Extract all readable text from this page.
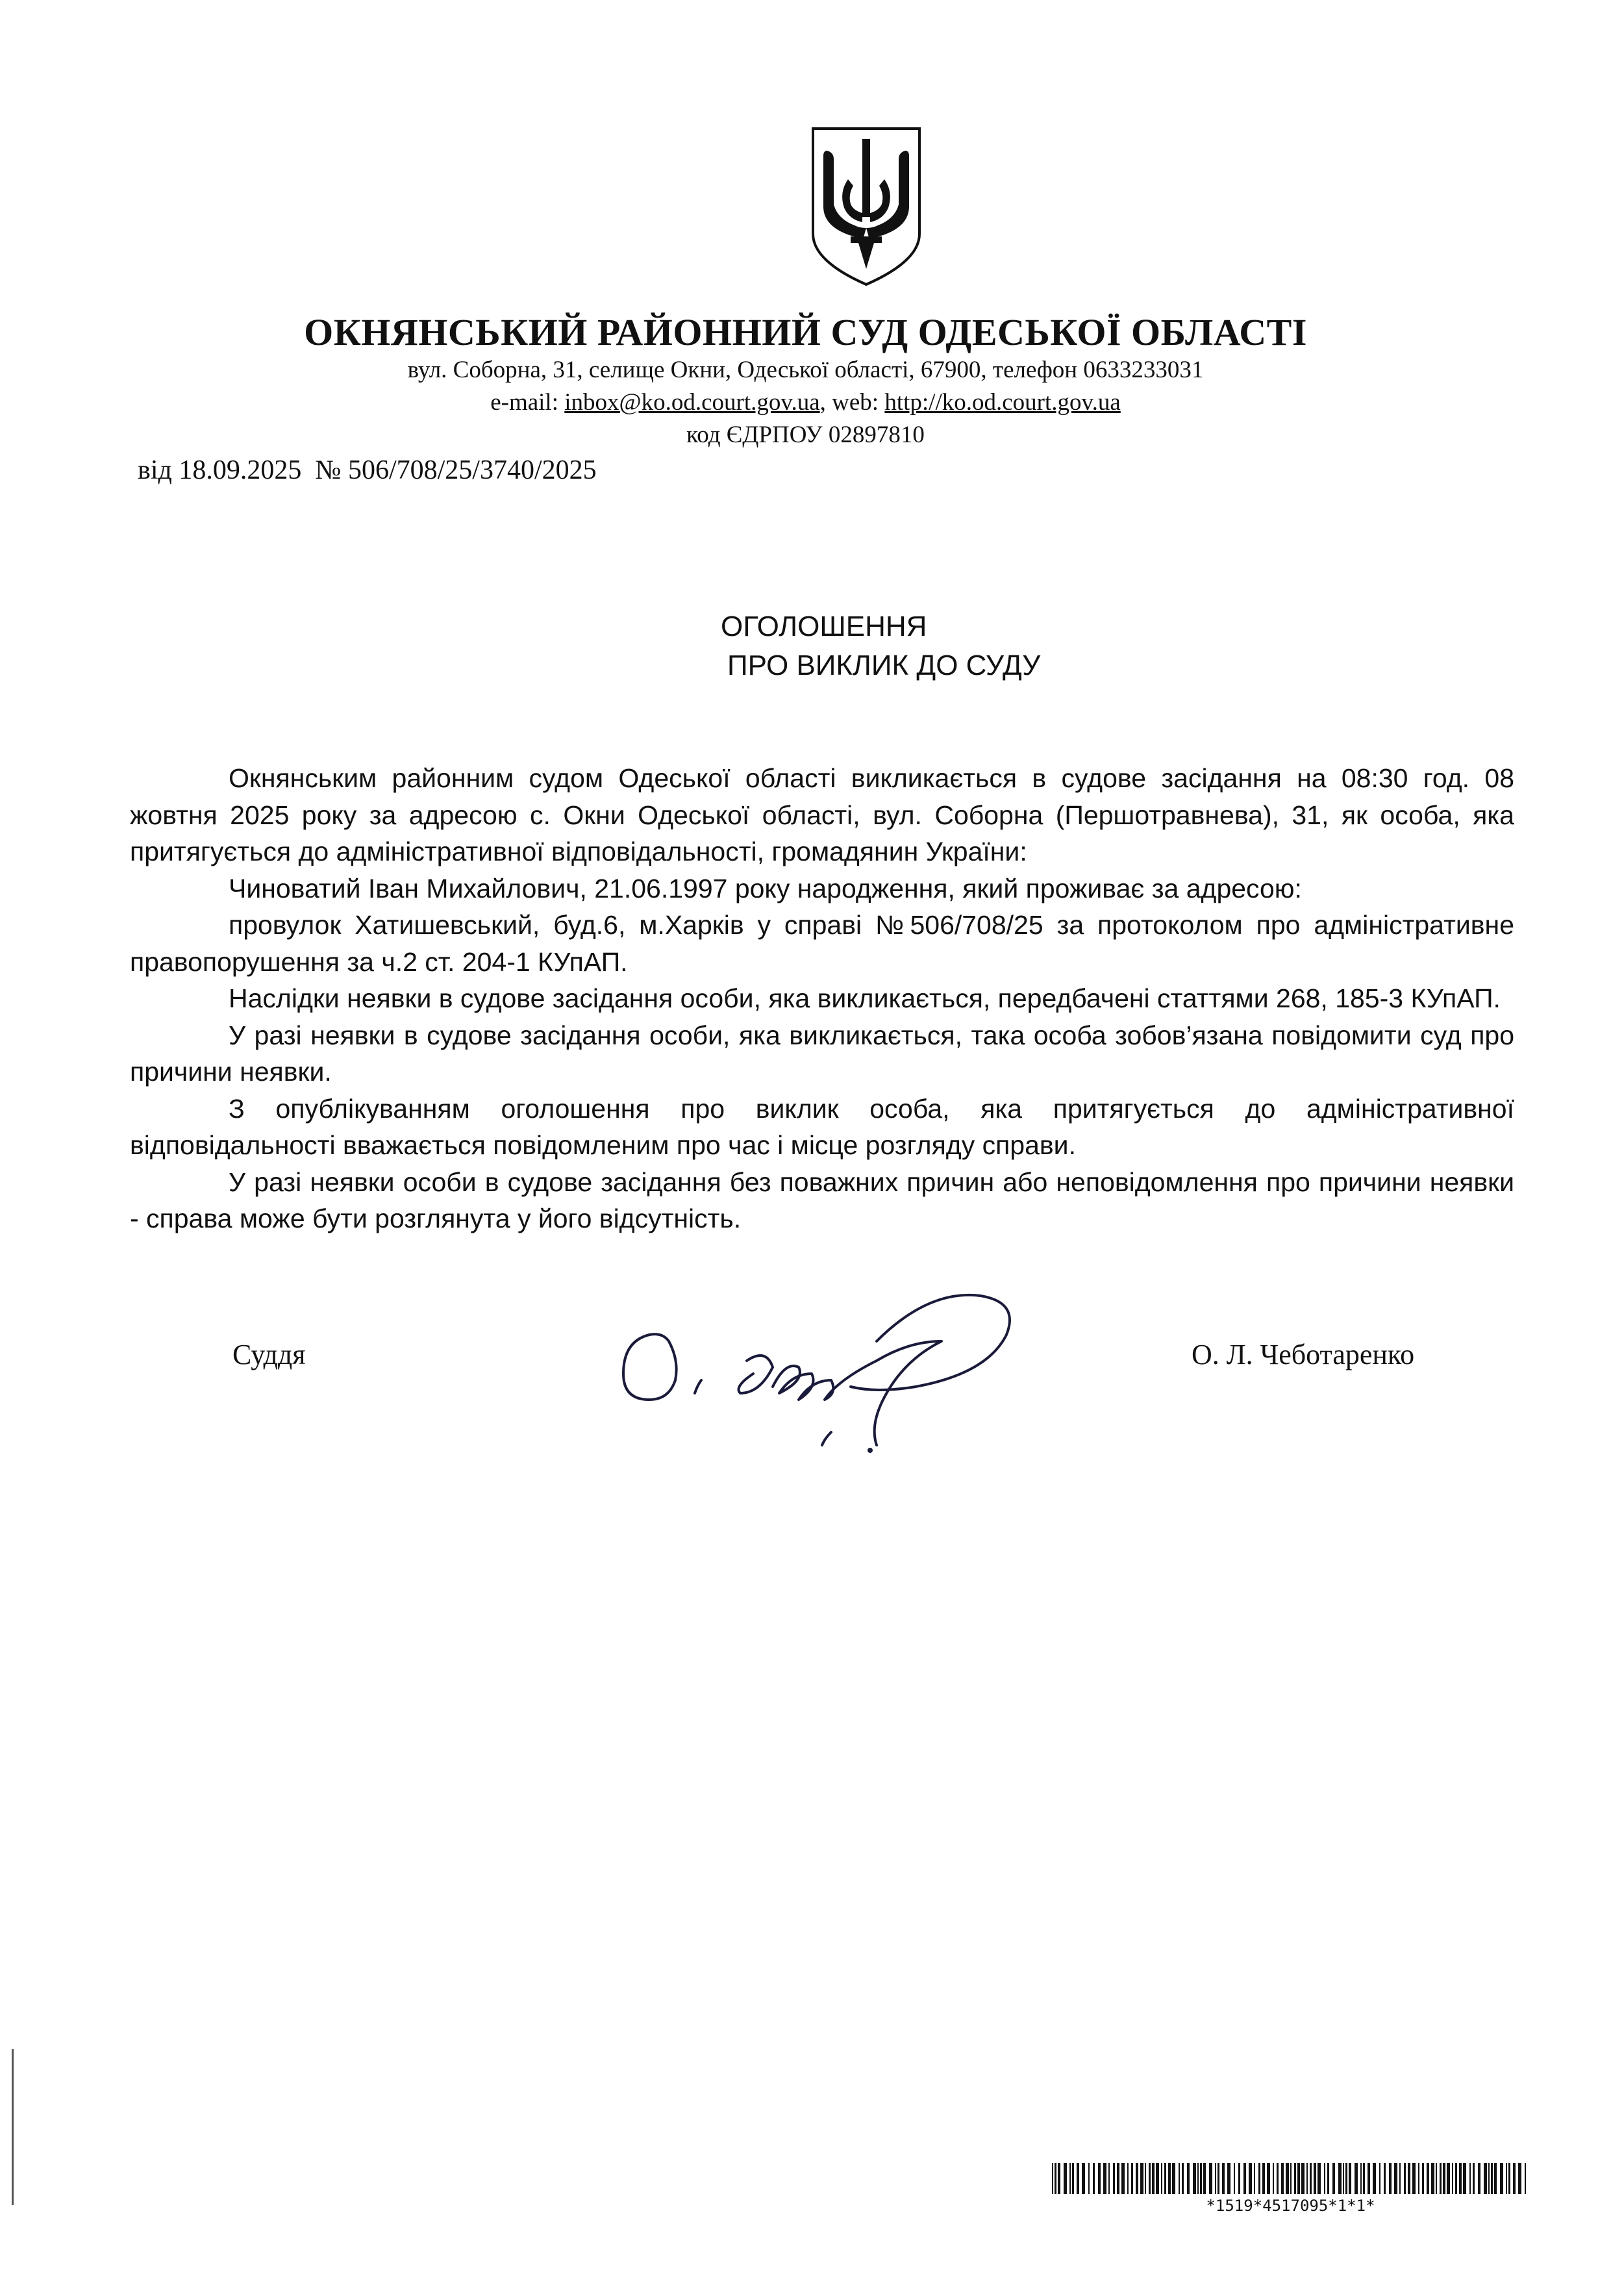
ОКНЯНСЬКИЙ РАЙОННИЙ СУД ОДЕСЬКОЇ ОБЛАСТІ
вул. Соборна, 31, селище Окни, Одеської області, 67900, телефон 0633233031
e-mail: inbox@ko.od.court.gov.ua, web: http://ko.od.court.gov.ua
код ЄДРПОУ 02897810
від 18.09.2025 № 506/708/25/3740/2025
ОГОЛОШЕННЯ
ПРО ВИКЛИК ДО СУДУ

Окнянським районним судом Одеської області викликається в судове засідання на 08:30 год. 08 жовтня 2025 року за адресою с. Окни Одеської області, вул. Соборна (Першотравнева), 31, як особа, яка притягується до адміністративної відповідальності, громадянин України:

Чиноватий Іван Михайлович, 21.06.1997 року народження, який проживає за адресою:

провулок Хатишевський, буд.6, м.Харків у справі №506/708/25 за протоколом про адміністративне правопорушення за ч.2 ст. 204-1 КУпАП.

Наслідки неявки в судове засідання особи, яка викликається, передбачені статтями 268, 185-3 КУпАП.

У разі неявки в судове засідання особи, яка викликається, така особа зобов’язана повідомити суд про причини неявки.

З опублікуванням оголошення про виклик особа, яка притягується до адміністративної відповідальності вважається повідомленим про час і місце розгляду справи.

У разі неявки особи в судове засідання без поважних причин або неповідомлення про причини неявки - справа може бути розглянута у його відсутність.

Суддя	О. Л. Чеботаренко
*1519*4517095*1*1*
